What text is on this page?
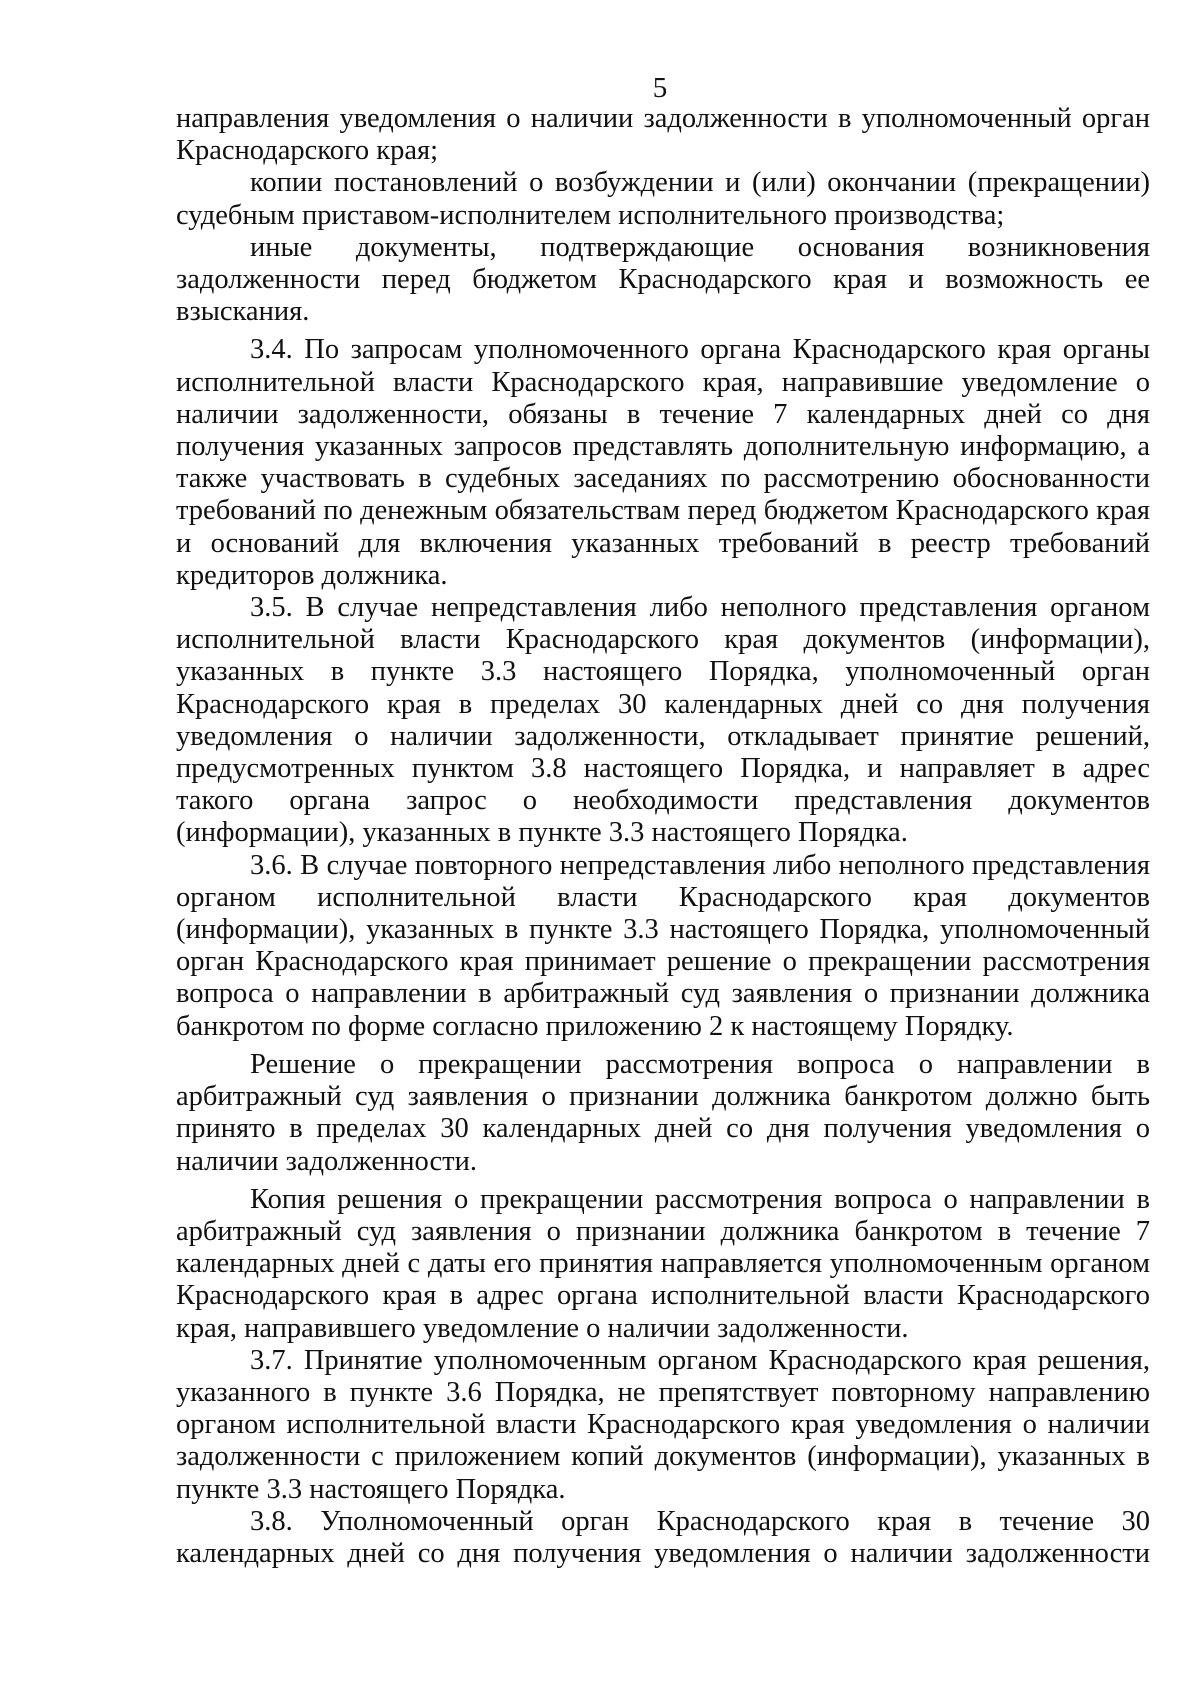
5

направления уведомления о наличии задолженности в уполномоченный орган Краснодарского края;

копии постановлений о возбуждении и (или) окончании (прекращении) судебным приставом-исполнителем исполнительного производства;

иные документы, подтверждающие основания возникновения задолженности перед бюджетом Краснодарского края и возможность ее взыскания.

3.4. По запросам уполномоченного органа Краснодарского края органы исполнительной власти Краснодарского края, направившие уведомление о наличии задолженности, обязаны в течение 7 календарных дней со дня получения указанных запросов представлять дополнительную информацию, а также участвовать в судебных заседаниях по рассмотрению обоснованности требований по денежным обязательствам перед бюджетом Краснодарского края и оснований для включения указанных требований в реестр требований кредиторов должника.

3.5. В случае непредставления либо неполного представления органом исполнительной власти Краснодарского края документов (информации), указанных в пункте 3.3 настоящего Порядка, уполномоченный орган Краснодарского края в пределах 30 календарных дней со дня получения уведомления о наличии задолженности, откладывает принятие решений, предусмотренных пунктом 3.8 настоящего Порядка, и направляет в адрес такого органа запрос о необходимости представления документов (информации), указанных в пункте 3.3 настоящего Порядка.

3.6. В случае повторного непредставления либо неполного представления органом исполнительной власти Краснодарского края документов (информации), указанных в пункте 3.3 настоящего Порядка, уполномоченный орган Краснодарского края принимает решение о прекращении рассмотрения вопроса о направлении в арбитражный суд заявления о признании должника банкротом по форме согласно приложению 2 к настоящему Порядку.

Решение о прекращении рассмотрения вопроса о направлении в арбитражный суд заявления о признании должника банкротом должно быть принято в пределах 30 календарных дней со дня получения уведомления о наличии задолженности.

Копия решения о прекращении рассмотрения вопроса о направлении в арбитражный суд заявления о признании должника банкротом в течение 7 календарных дней с даты его принятия направляется уполномоченным органом Краснодарского края в адрес органа исполнительной власти Краснодарского края, направившего уведомление о наличии задолженности.

3.7. Принятие уполномоченным органом Краснодарского края решения, указанного в пункте 3.6 Порядка, не препятствует повторному направлению органом исполнительной власти Краснодарского края уведомления о наличии задолженности с приложением копий документов (информации), указанных в пункте 3.3 настоящего Порядка.

3.8. Уполномоченный орган Краснодарского края в течение 30 календарных дней со дня получения уведомления о наличии задолженности
